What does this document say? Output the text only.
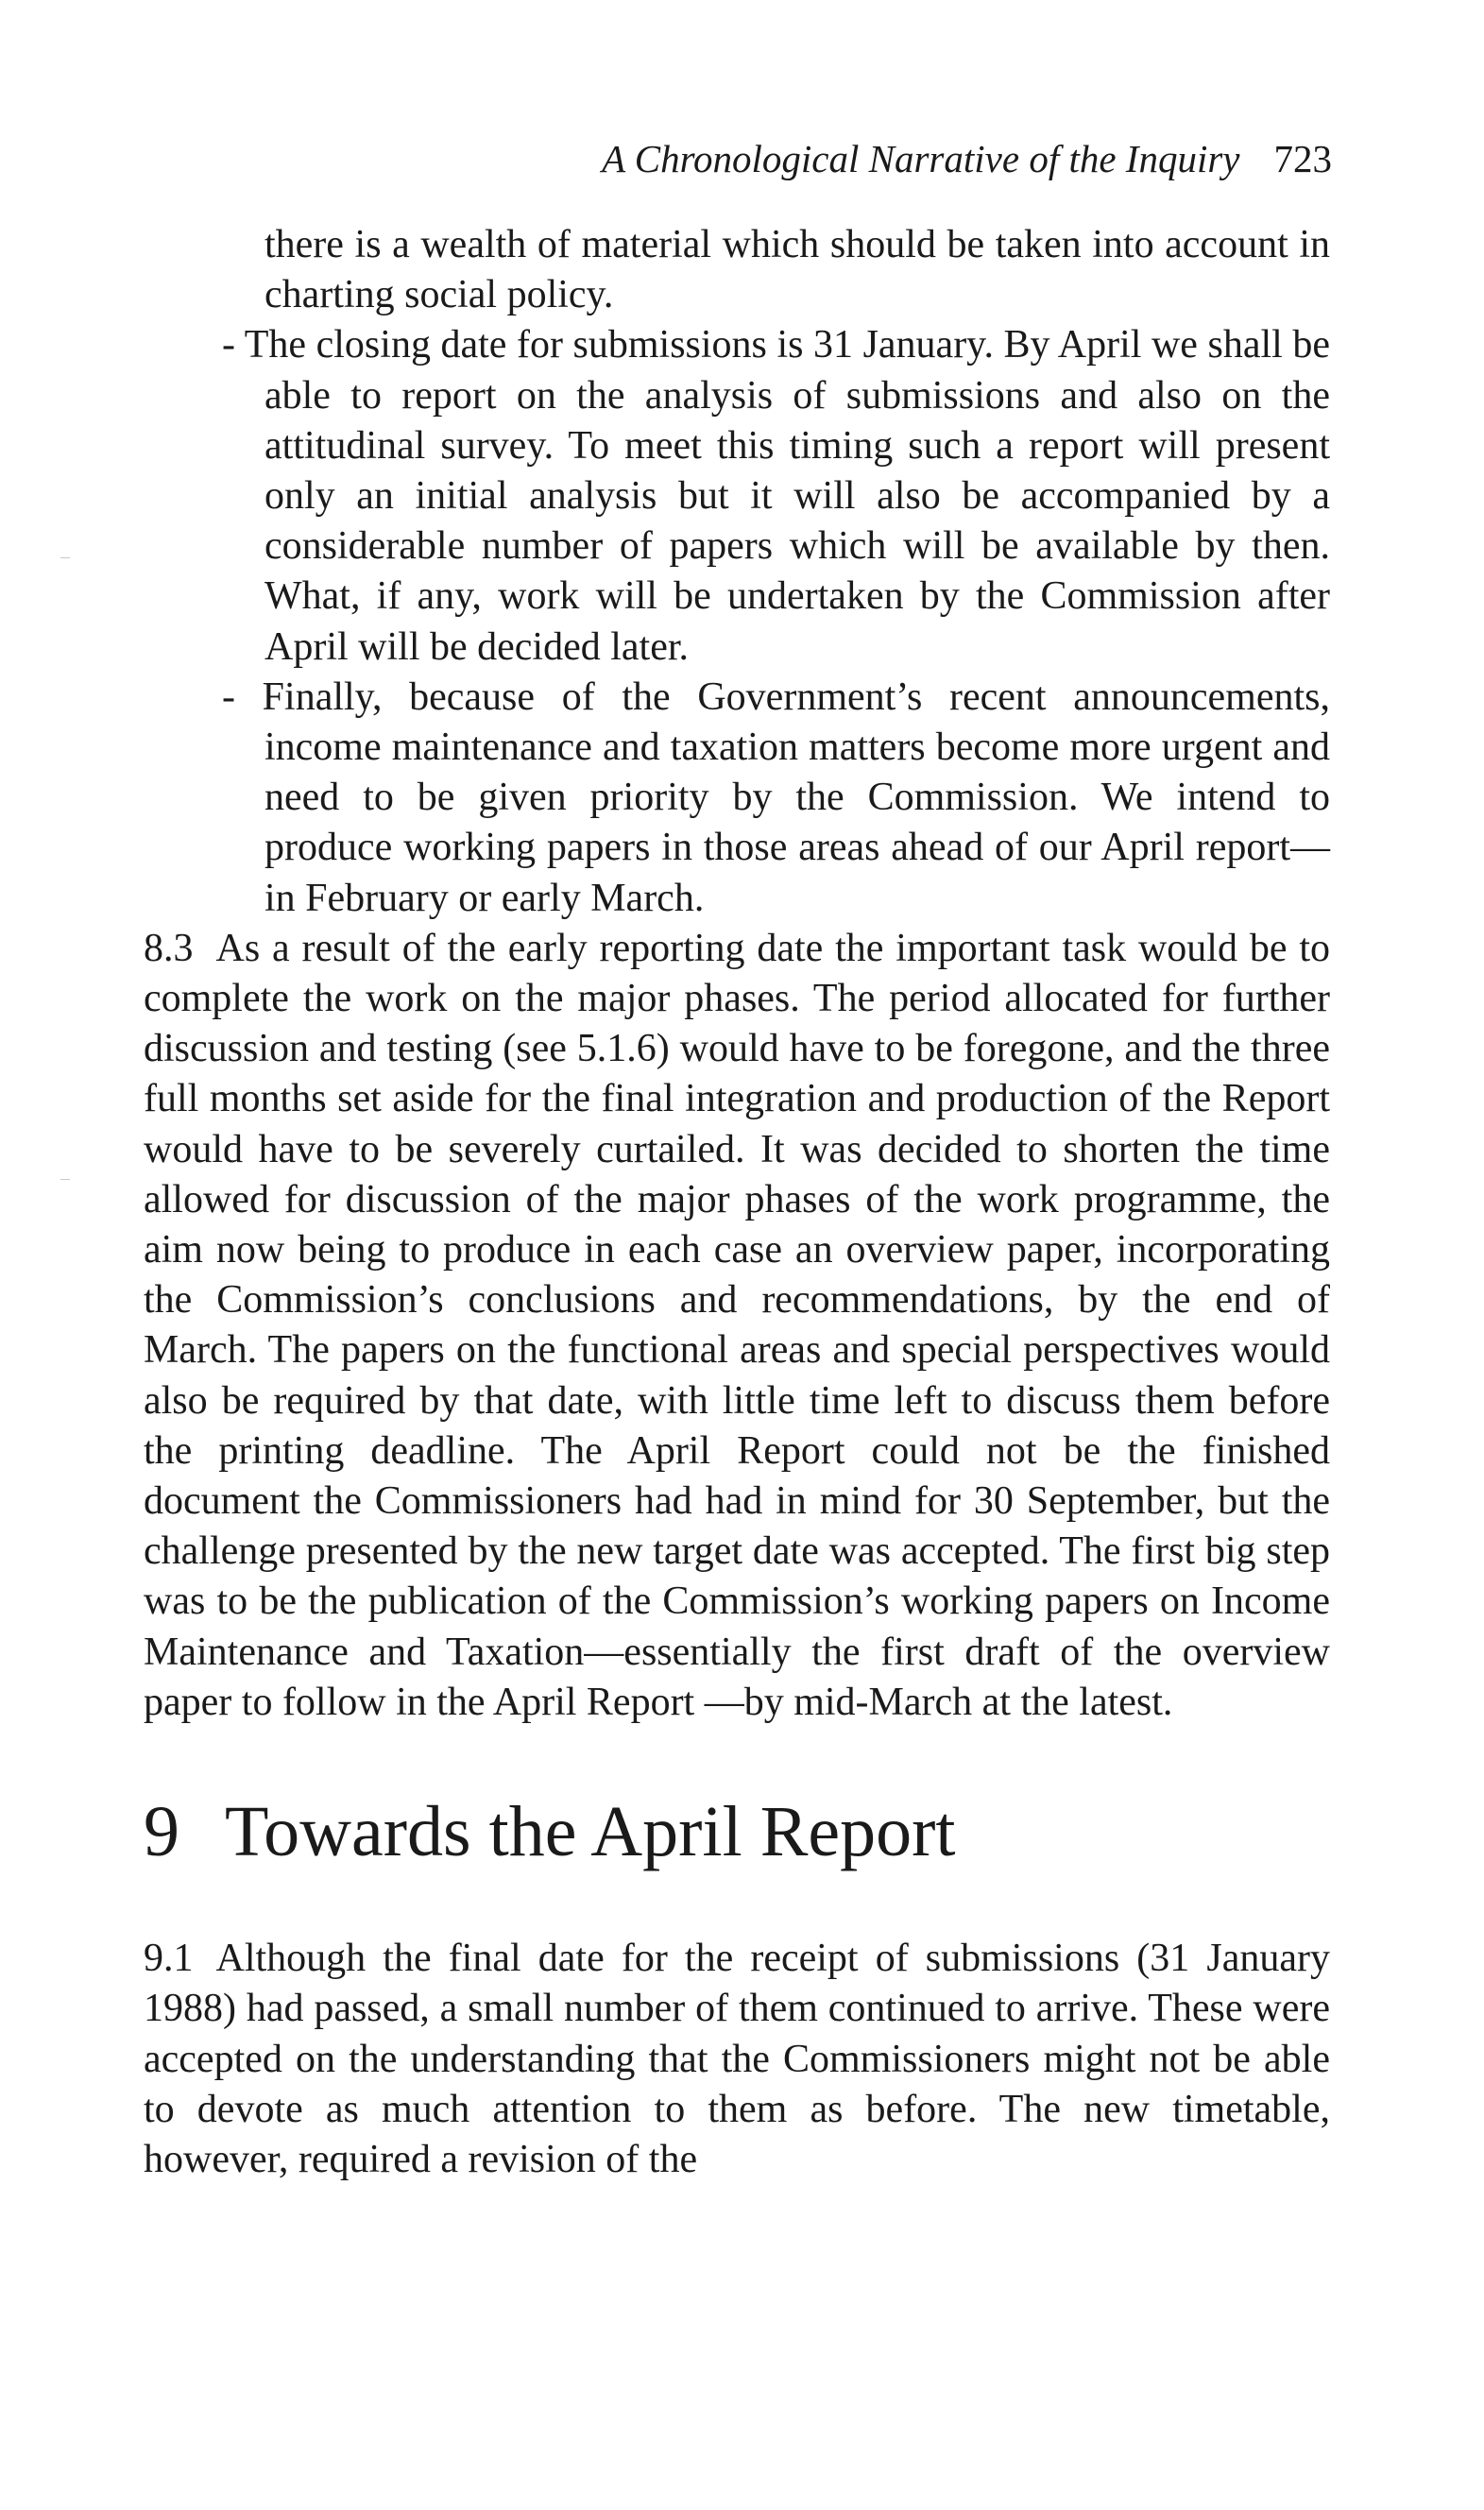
A Chronological Narrative of the Inquiry 723

there is a wealth of material which should be taken into account in charting social policy.

- The closing date for submissions is 31 January. By April we shall be able to report on the analysis of submissions and also on the attitudinal survey. To meet this timing such a report will present only an initial analysis but it will also be accompanied by a considerable number of papers which will be available by then. What, if any, work will be undertaken by the Commission after April will be decided later.

- Finally, because of the Government’s recent announcements, income maintenance and taxation matters become more urgent and need to be given priority by the Commission. We intend to produce working papers in those areas ahead of our April report—in February or early March.

8.3 As a result of the early reporting date the important task would be to complete the work on the major phases. The period allocated for further discussion and testing (see 5.1.6) would have to be foregone, and the three full months set aside for the final integration and production of the Report would have to be severely curtailed. It was decided to shorten the time allowed for discussion of the major phases of the work programme, the aim now being to produce in each case an overview paper, incorporating the Commission’s conclusions and recommendations, by the end of March. The papers on the functional areas and special perspectives would also be required by that date, with little time left to discuss them before the printing deadline. The April Report could not be the finished document the Commissioners had had in mind for 30 September, but the challenge presented by the new target date was accepted. The first big step was to be the publication of the Commission’s working papers on Income Maintenance and Taxation—essentially the first draft of the overview paper to follow in the April Report —by mid-March at the latest.

9 Towards the April Report

9.1 Although the final date for the receipt of submissions (31 January 1988) had passed, a small number of them continued to arrive. These were accepted on the understanding that the Commissioners might not be able to devote as much attention to them as before. The new timetable, however, required a revision of the
